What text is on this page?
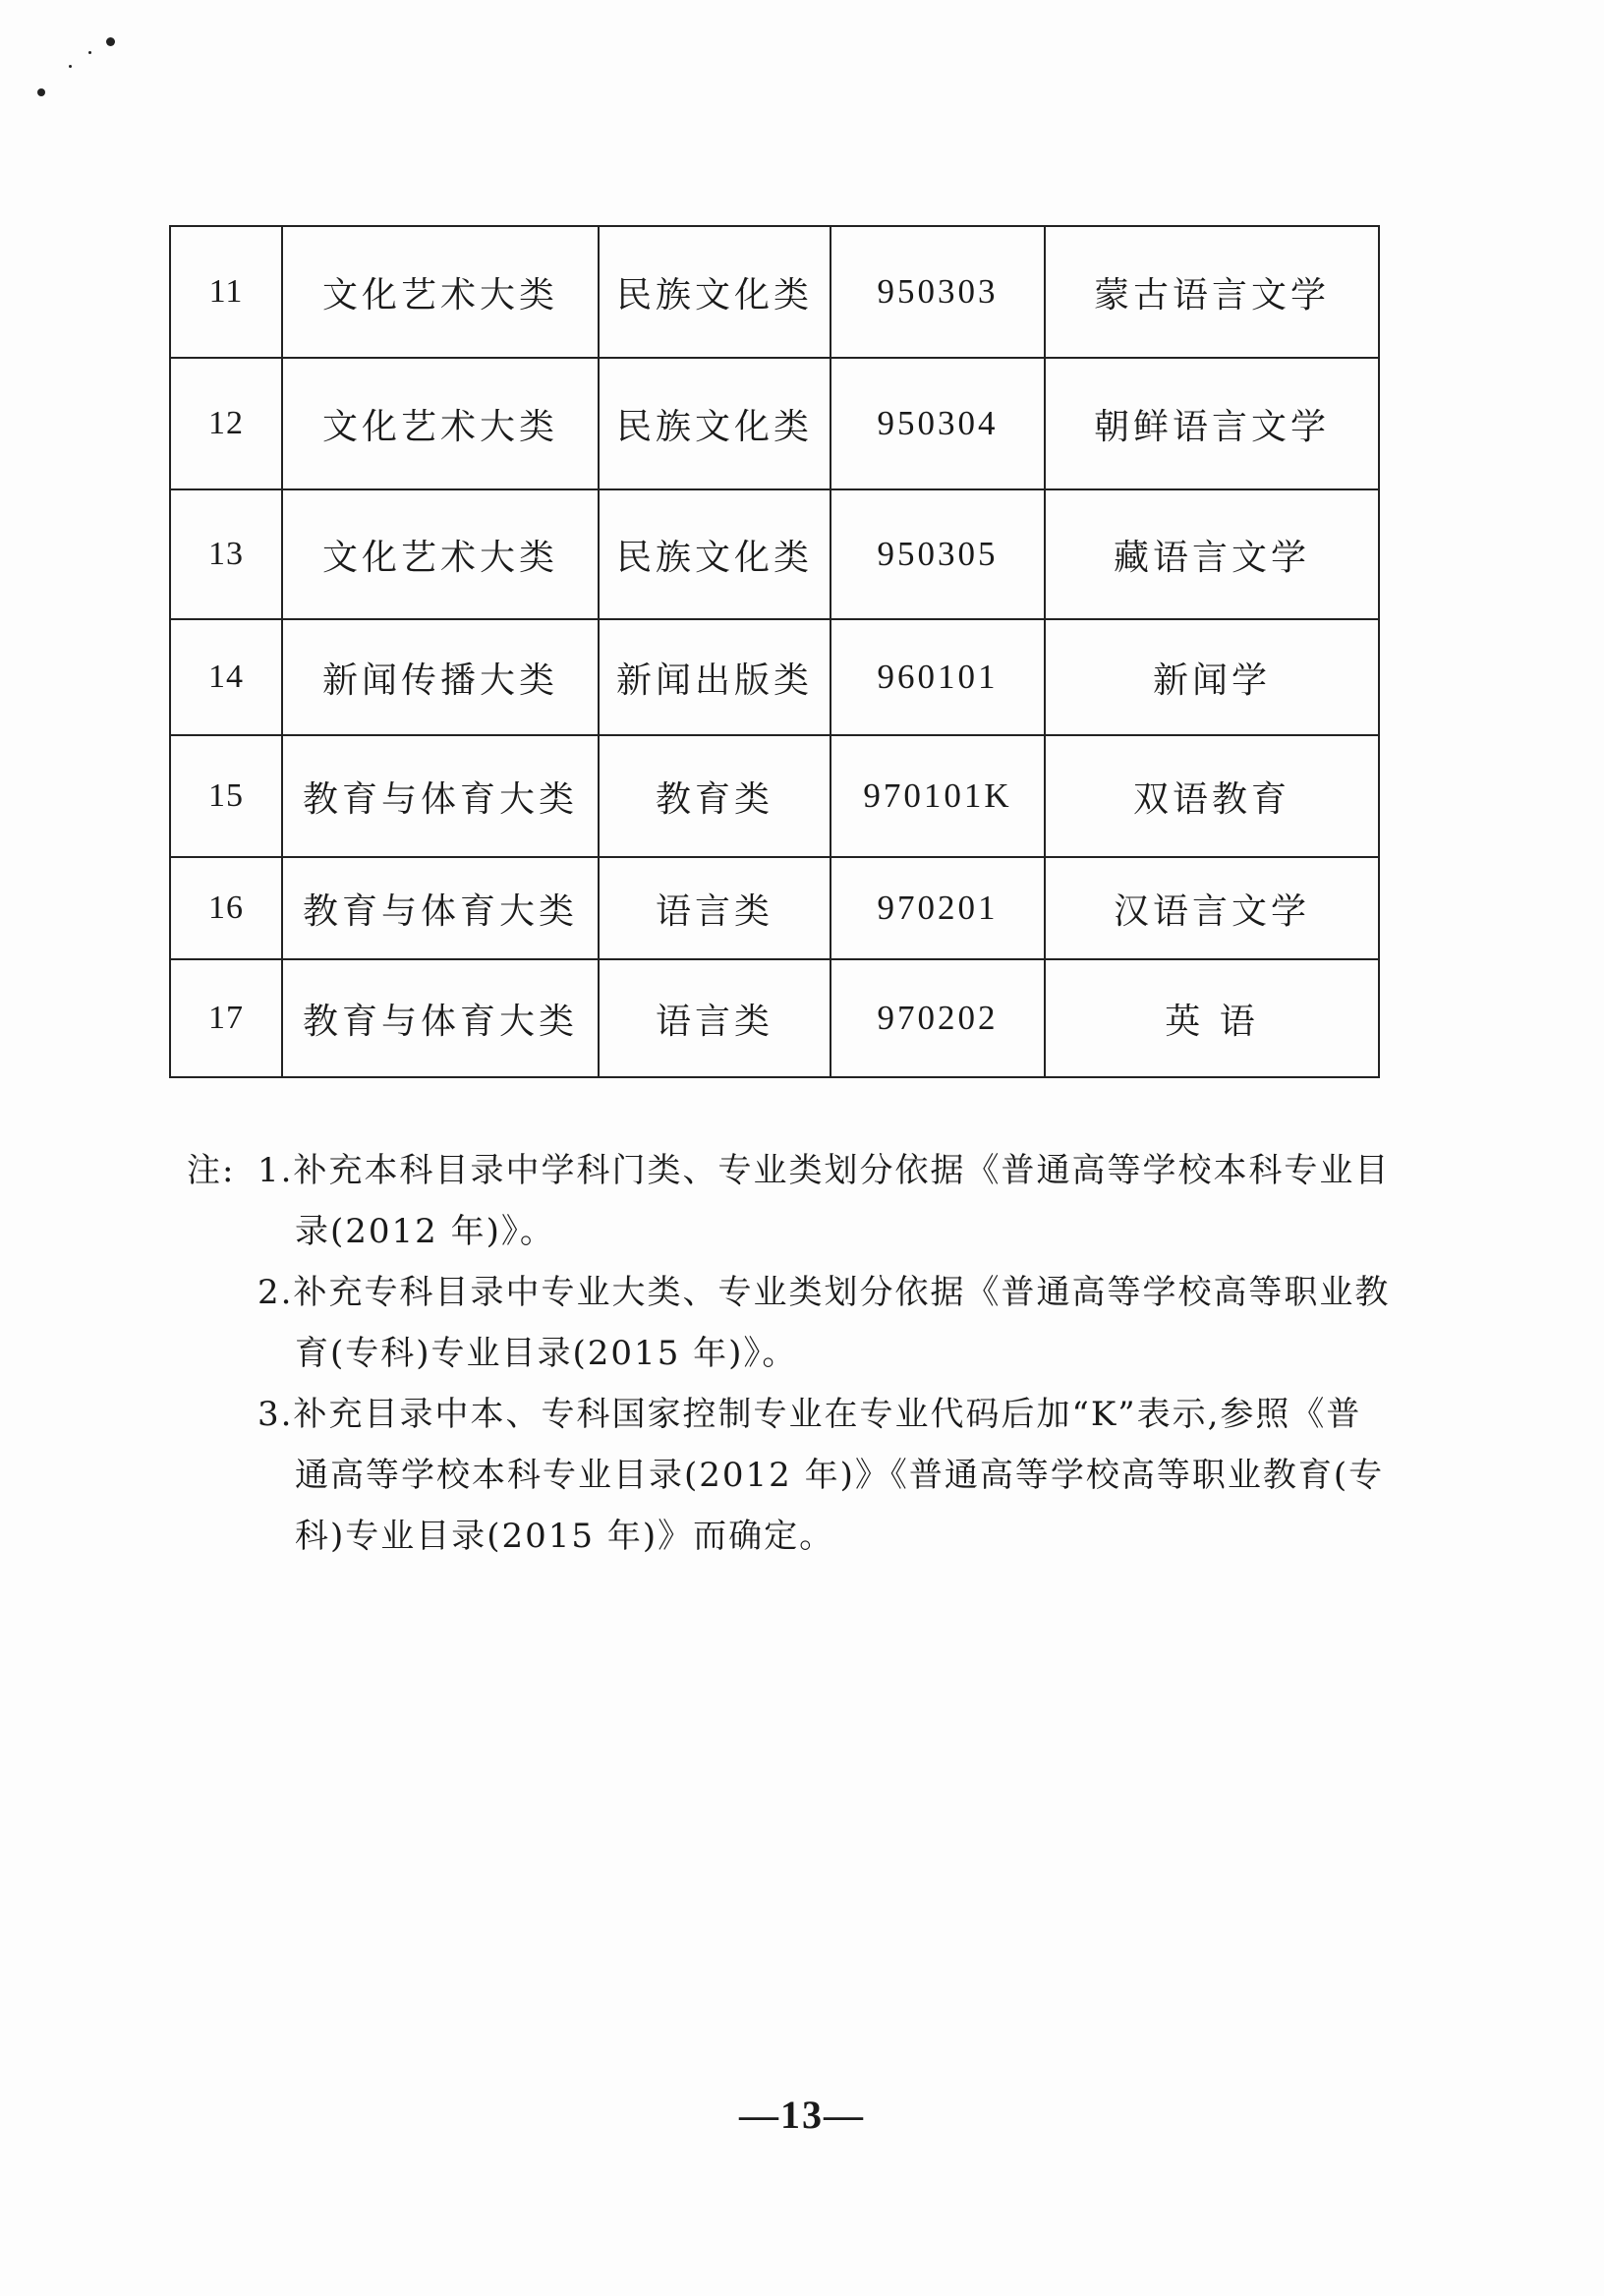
11	文化艺术大类	民族文化类	950303	蒙古语言文学
12	文化艺术大类	民族文化类	950304	朝鲜语言文学
13	文化艺术大类	民族文化类	950305	藏语言文学
14	新闻传播大类	新闻出版类	960101	新闻学
15	教育与体育大类	教育类	970101K	双语教育
16	教育与体育大类	语言类	970201	汉语言文学
17	教育与体育大类	语言类	970202	英 语
注: 1.补充本科目录中学科门类、专业类划分依据《普通高等学校本科专业目
录(2012 年)》。
2.补充专科目录中专业大类、专业类划分依据《普通高等学校高等职业教
育(专科)专业目录(2015 年)》。
3.补充目录中本、专科国家控制专业在专业代码后加“K”表示,参照《普
通高等学校本科专业目录(2012 年)》《普通高等学校高等职业教育(专
科)专业目录(2015 年)》而确定。
—13—
